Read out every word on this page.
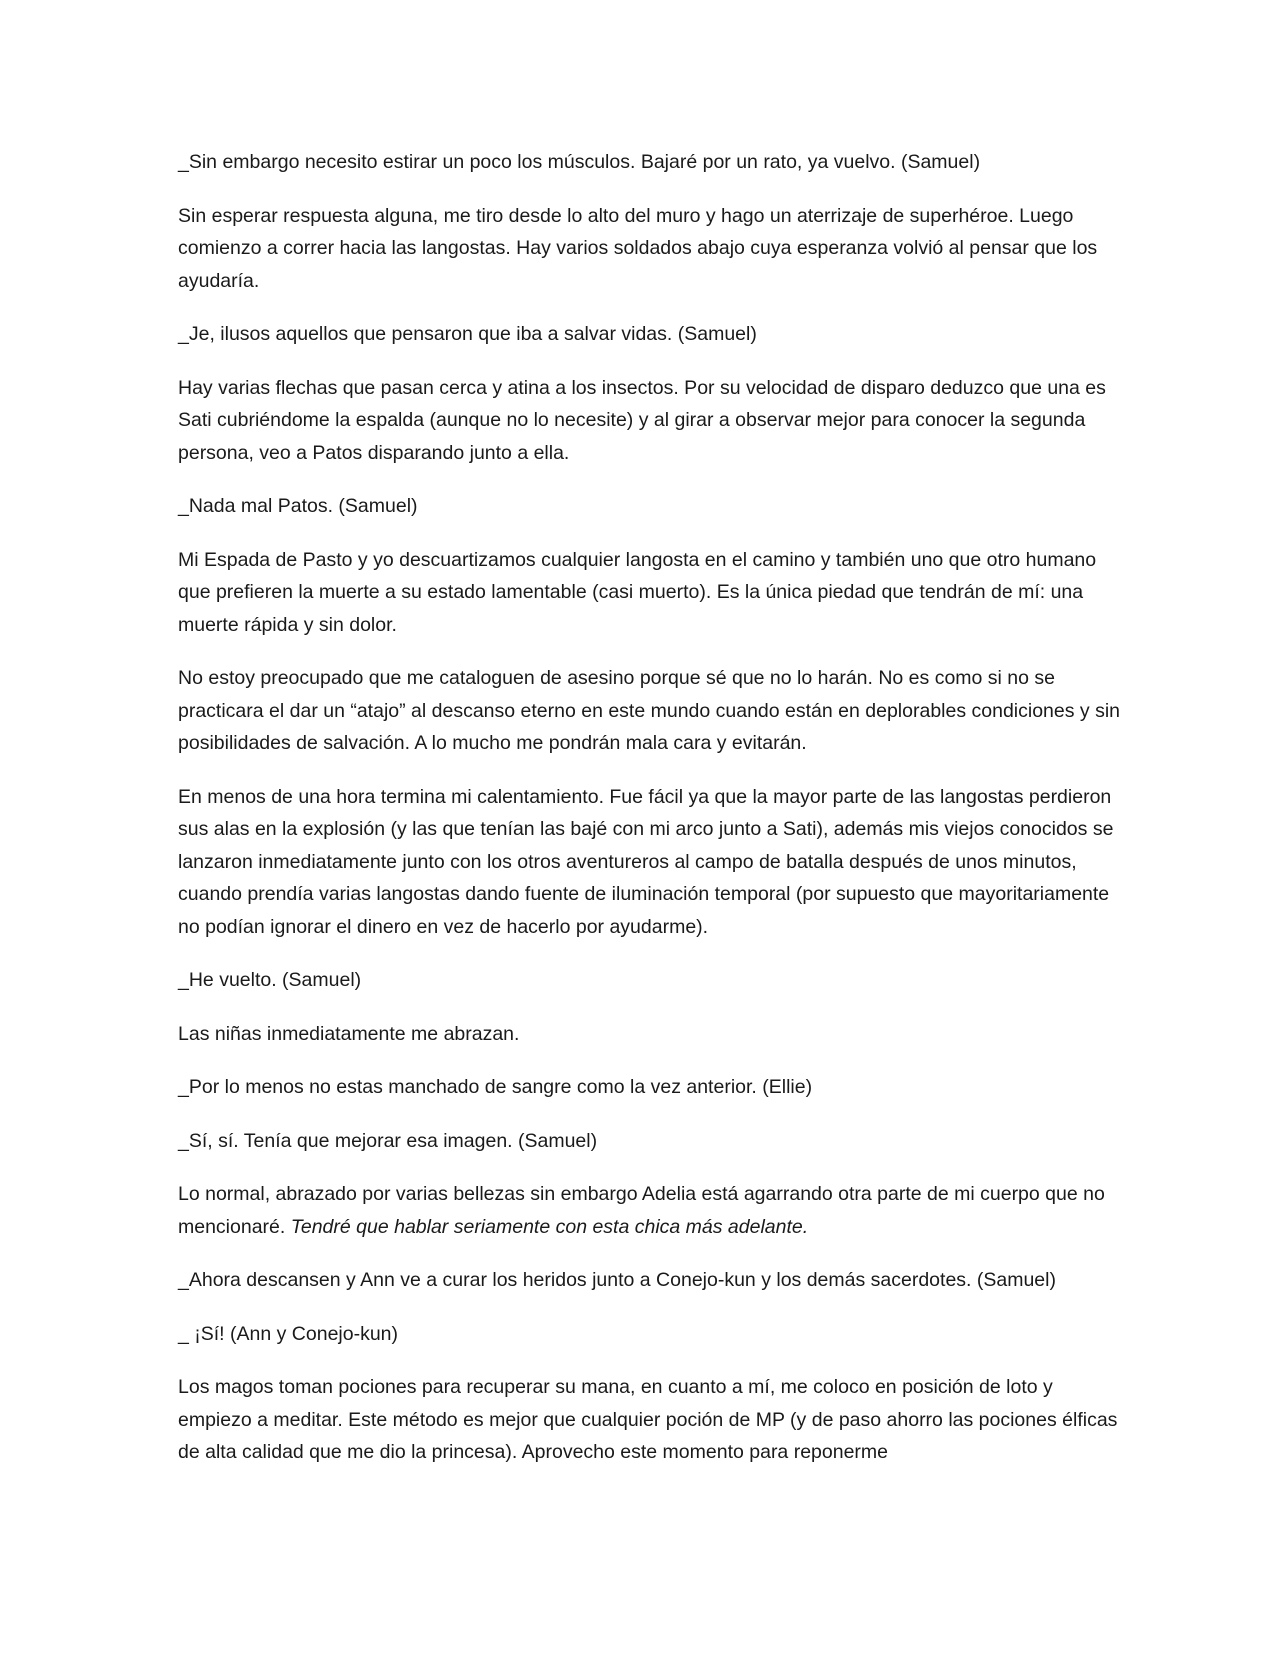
_Sin embargo necesito estirar un poco los músculos. Bajaré por un rato, ya vuelvo. (Samuel)

Sin esperar respuesta alguna, me tiro desde lo alto del muro y hago un aterrizaje de superhéroe. Luego comienzo a correr hacia las langostas. Hay varios soldados abajo cuya esperanza volvió al pensar que los ayudaría.

_Je, ilusos aquellos que pensaron que iba a salvar vidas. (Samuel)

Hay varias flechas que pasan cerca y atina a los insectos. Por su velocidad de disparo deduzco que una es Sati cubriéndome la espalda (aunque no lo necesite) y al girar a observar mejor para conocer la segunda persona, veo a Patos disparando junto a ella.

_Nada mal Patos. (Samuel)

Mi Espada de Pasto y yo descuartizamos cualquier langosta en el camino y también uno que otro humano que prefieren la muerte a su estado lamentable (casi muerto). Es la única piedad que tendrán de mí: una muerte rápida y sin dolor.

No estoy preocupado que me cataloguen de asesino porque sé que no lo harán. No es como si no se practicara el dar un “atajo” al descanso eterno en este mundo cuando están en deplorables condiciones y sin posibilidades de salvación. A lo mucho me pondrán mala cara y evitarán.

En menos de una hora termina mi calentamiento. Fue fácil ya que la mayor parte de las langostas perdieron sus alas en la explosión (y las que tenían las bajé con mi arco junto a Sati), además mis viejos conocidos se lanzaron inmediatamente junto con los otros aventureros al campo de batalla después de unos minutos, cuando prendía varias langostas dando fuente de iluminación temporal (por supuesto que mayoritariamente no podían ignorar el dinero en vez de hacerlo por ayudarme).

_He vuelto. (Samuel)

Las niñas inmediatamente me abrazan.

_Por lo menos no estas manchado de sangre como la vez anterior. (Ellie)

_Sí, sí. Tenía que mejorar esa imagen. (Samuel)

Lo normal, abrazado por varias bellezas sin embargo Adelia está agarrando otra parte de mi cuerpo que no mencionaré. Tendré que hablar seriamente con esta chica más adelante.

_Ahora descansen y Ann ve a curar los heridos junto a Conejo-kun y los demás sacerdotes. (Samuel)

_ ¡Sí! (Ann y Conejo-kun)

Los magos toman pociones para recuperar su mana, en cuanto a mí, me coloco en posición de loto y empiezo a meditar. Este método es mejor que cualquier poción de MP (y de paso ahorro las pociones élficas de alta calidad que me dio la princesa). Aprovecho este momento para reponerme
